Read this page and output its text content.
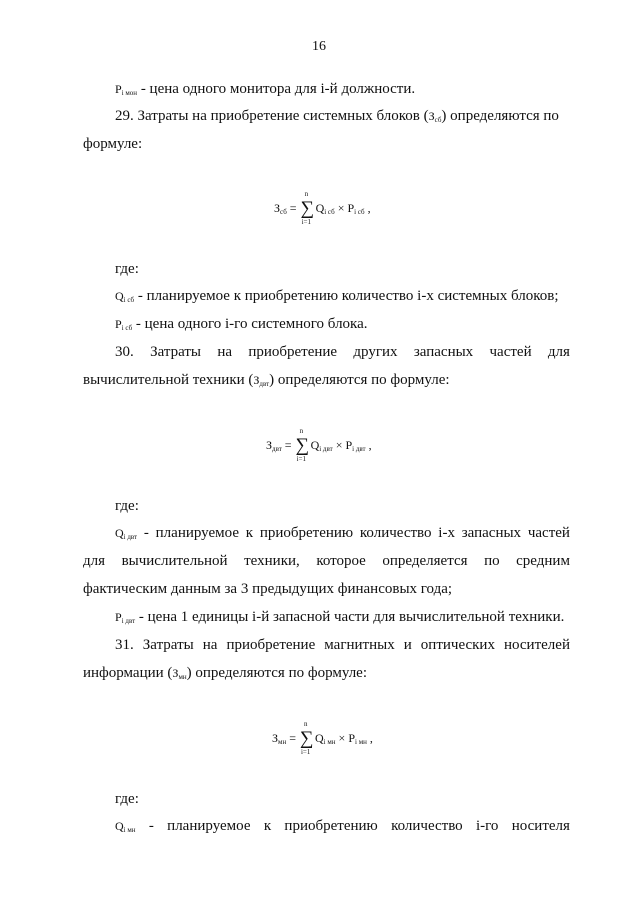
16
$P_{i мон}$ - цена одного монитора для i-й должности.
29. Затраты на приобретение системных блоков $(З_{сб})$ определяются по
формуле:
$З_{сб}$ =
n
∑
i=1
$Q_{i сб} \times P_{i сб}$ ,
где:
$Q_{i сб}$ - планируемое к приобретению количество i-х системных блоков;
$P_{i сб}$ - цена одного i-го системного блока.
30. Затраты на приобретение других запасных частей для
вычислительной техники $(З_{двт})$ определяются по формуле:
$З_{двт}$ =
n
∑
i=1
$Q_{i двт} \times P_{i двт}$ ,
где:
$Q_{i двт}$ - планируемое к приобретению количество i-х запасных частей
для вычислительной техники, которое определяется по средним
фактическим данным за 3 предыдущих финансовых года;
$P_{i двт}$ - цена 1 единицы i-й запасной части для вычислительной техники.
31. Затраты на приобретение магнитных и оптических носителей
информации $(З_{мн})$ определяются по формуле:
$З_{мн}$ =
n
∑
i=1
$Q_{i мн} \times P_{i мн}$ ,
где:
$Q_{i мн}$ - планируемое к приобретению количество i-го носителя
